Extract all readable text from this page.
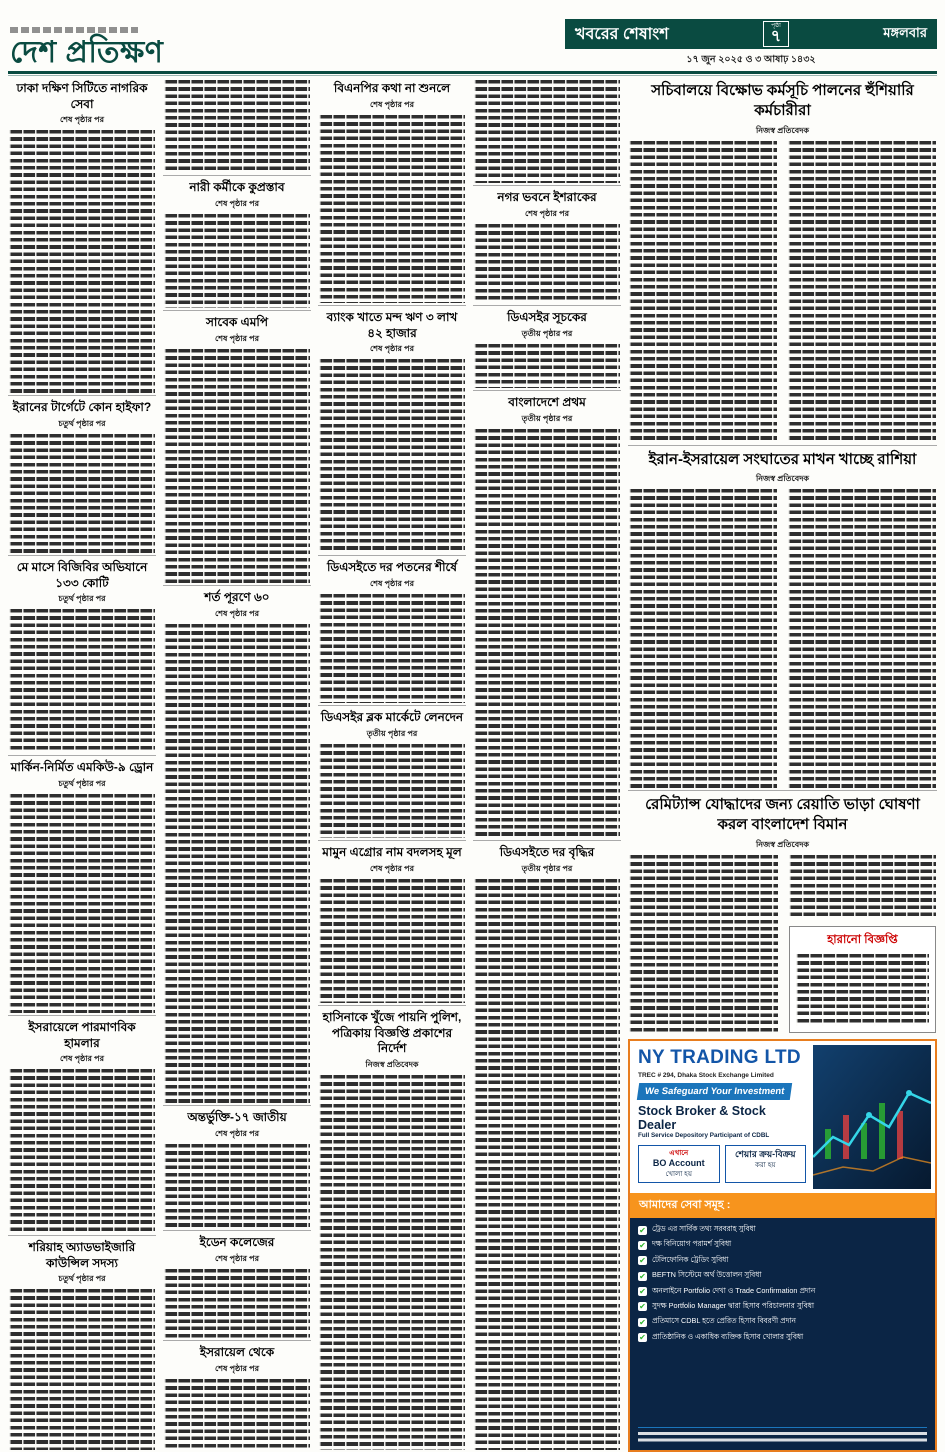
দেশ প্রতিক্ষণ
খবরের শেষাংশ	পৃষ্ঠা
৭	মঙ্গলবার
১৭ জুন ২০২৫ ও ৩ আষাঢ় ১৪৩২
ঢাকা দক্ষিণ সিটিতে নাগরিক সেবা
শেষ পৃষ্ঠার পর
ইরানের টার্গেটে কোন হাইফা?
চতুর্থ পৃষ্ঠার পর
মে মাসে বিজিবির অভিযানে ১৩৩ কোটি
চতুর্থ পৃষ্ঠার পর
মার্কিন-নির্মিত এমকিউ-৯ ড্রোন
চতুর্থ পৃষ্ঠার পর
ইসরায়েলে পারমাণবিক হামলার
শেষ পৃষ্ঠার পর
শরিয়াহ অ্যাডভাইজারি কাউন্সিল সদস্য
চতুর্থ পৃষ্ঠার পর
নারী কর্মীকে কুপ্রস্তাব
শেষ পৃষ্ঠার পর
সাবেক এমপি
শেষ পৃষ্ঠার পর
শর্ত পূরণে ৬০
শেষ পৃষ্ঠার পর
অন্তর্ভুক্তি-১৭ জাতীয়
শেষ পৃষ্ঠার পর
ইডেন কলেজের
শেষ পৃষ্ঠার পর
ইসরায়েল থেকে
শেষ পৃষ্ঠার পর
বিএনপির কথা না শুনলে
শেষ পৃষ্ঠার পর
ব্যাংক খাতে মন্দ ঋণ ৩ লাখ ৪২ হাজার
শেষ পৃষ্ঠার পর
ডিএসইতে দর পতনের শীর্ষে
শেষ পৃষ্ঠার পর
ডিএসইর ব্লক মার্কেটে লেনদেন
তৃতীয় পৃষ্ঠার পর
মামুন এগ্রোর নাম বদলসহ মূল
শেষ পৃষ্ঠার পর
হাসিনাকে খুঁজে পায়নি পুলিশ, পত্রিকায় বিজ্ঞপ্তি প্রকাশের নির্দেশ
নিজস্ব প্রতিবেদক
নগর ভবনে ইশরাকের
শেষ পৃষ্ঠার পর
ডিএসইর সূচকের
তৃতীয় পৃষ্ঠার পর
বাংলাদেশে প্রথম
তৃতীয় পৃষ্ঠার পর
ডিএসইতে দর বৃদ্ধির
তৃতীয় পৃষ্ঠার পর
সচিবালয়ে বিক্ষোভ কর্মসূচি পালনের হুঁশিয়ারি কর্মচারীরা
নিজস্ব প্রতিবেদক
ইরান-ইসরায়েল সংঘাতের মাখন খাচ্ছে রাশিয়া
নিজস্ব প্রতিবেদক
রেমিট্যান্স যোদ্ধাদের জন্য রেয়াতি ভাড়া ঘোষণা করল বাংলাদেশ বিমান
নিজস্ব প্রতিবেদক
হারানো বিজ্ঞপ্তি
NY TRADING LTD
TREC # 294, Dhaka Stock Exchange Limited
We Safeguard Your Investment
Stock Broker & Stock Dealer
Full Service Depository Participant of CDBL
এখানে
BO Account
খোলা হয়
শেয়ার ক্রয়-বিক্রয়
করা হয়
আমাদের সেবা সমূহ :
✔ ট্রেড এর সার্বিক তথ্য সরবরাহ সুবিধা
✔ দক্ষ বিনিয়োগ পরামর্শ সুবিধা
✔ টেলিফোনিক ট্রেডিং সুবিধা
✔ BEFTN সিস্টেমে অর্থ উত্তোলন সুবিধা
✔ অনলাইনে Portfolio দেখা ও Trade Confirmation প্রদান
✔ সুদক্ষ Portfolio Manager দ্বারা হিসাব পরিচালনার সুবিধা
✔ প্রতিমাসে CDBL হতে প্রেরিত হিসাব বিবরণী প্রদান
✔ প্রাতিষ্ঠানিক ও একাধিক ব্যক্তিক হিসাব খোলার সুবিধা
